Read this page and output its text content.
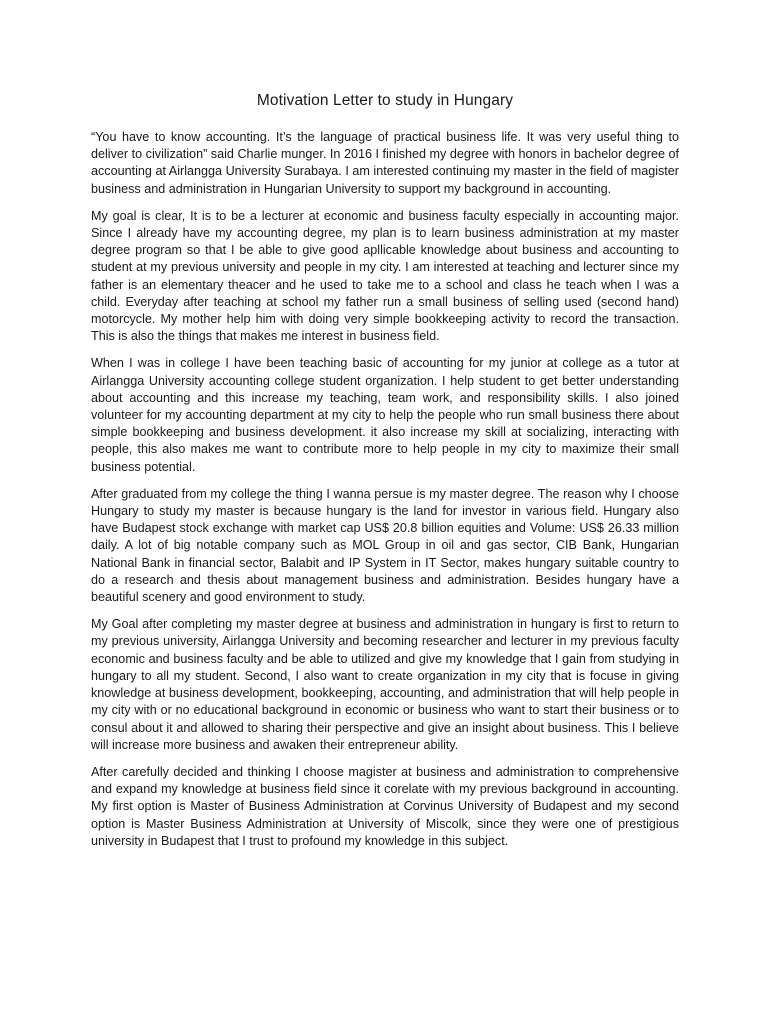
Motivation Letter to study in Hungary

“You have to know accounting. It’s the language of practical business life. It was very useful thing to deliver to civilization” said Charlie munger. In 2016 I finished my degree with honors in bachelor degree of accounting at Airlangga University Surabaya. I am interested continuing my master in the field of magister business and administration in Hungarian University to support my background in accounting.

My goal is clear, It is to be a lecturer at economic and business faculty especially in accounting major. Since I already have my accounting degree, my plan is to learn business administration at my master degree program so that I be able to give good apllicable knowledge about business and accounting to student at my previous university and people in my city. I am interested at teaching and lecturer since my father is an elementary theacer and he used to take me to a school and class he teach when I was a child. Everyday after teaching at school my father run a small business of selling used (second hand) motorcycle. My mother help him with doing very simple bookkeeping activity to record the transaction. This is also the things that makes me interest in business field.

When I was in college I have been teaching basic of accounting for my junior at college as a tutor at Airlangga University accounting college student organization. I help student to get better understanding about accounting and this increase my teaching, team work, and responsibility skills. I also joined volunteer for my accounting department at my city to help the people who run small business there about simple bookkeeping and business development. it also increase my skill at socializing, interacting with people, this also makes me want to contribute more to help people in my city to maximize their small business potential.

After graduated from my college the thing I wanna persue is my master degree. The reason why I choose Hungary to study my master is because hungary is the land for investor in various field. Hungary also have Budapest stock exchange with market cap US$ 20.8 billion equities and Volume: US$ 26.33 million daily. A lot of big notable company such as MOL Group in oil and gas sector, CIB Bank, Hungarian National Bank in financial sector, Balabit and IP System in IT Sector, makes hungary suitable country to do a research and thesis about management business and administration. Besides hungary have a beautiful scenery and good environment to study.

My Goal after completing my master degree at business and administration in hungary is first to return to my previous university, Airlangga University and becoming researcher and lecturer in my previous faculty economic and business faculty and be able to utilized and give my knowledge that I gain from studying in hungary to all my student. Second, I also want to create organization in my city that is focuse in giving knowledge at business development, bookkeeping, accounting, and administration that will help people in my city with or no educational background in economic or business who want to start their business or to consul about it and allowed to sharing their perspective and give an insight about business. This I believe will increase more business and awaken their entrepreneur ability.

After carefully decided and thinking I choose magister at business and administration to comprehensive and expand my knowledge at business field since it corelate with my previous background in accounting. My first option is Master of Business Administration at Corvinus University of Budapest and my second option is Master Business Administration at University of Miscolk, since they were one of prestigious university in Budapest that I trust to profound my knowledge in this subject.
